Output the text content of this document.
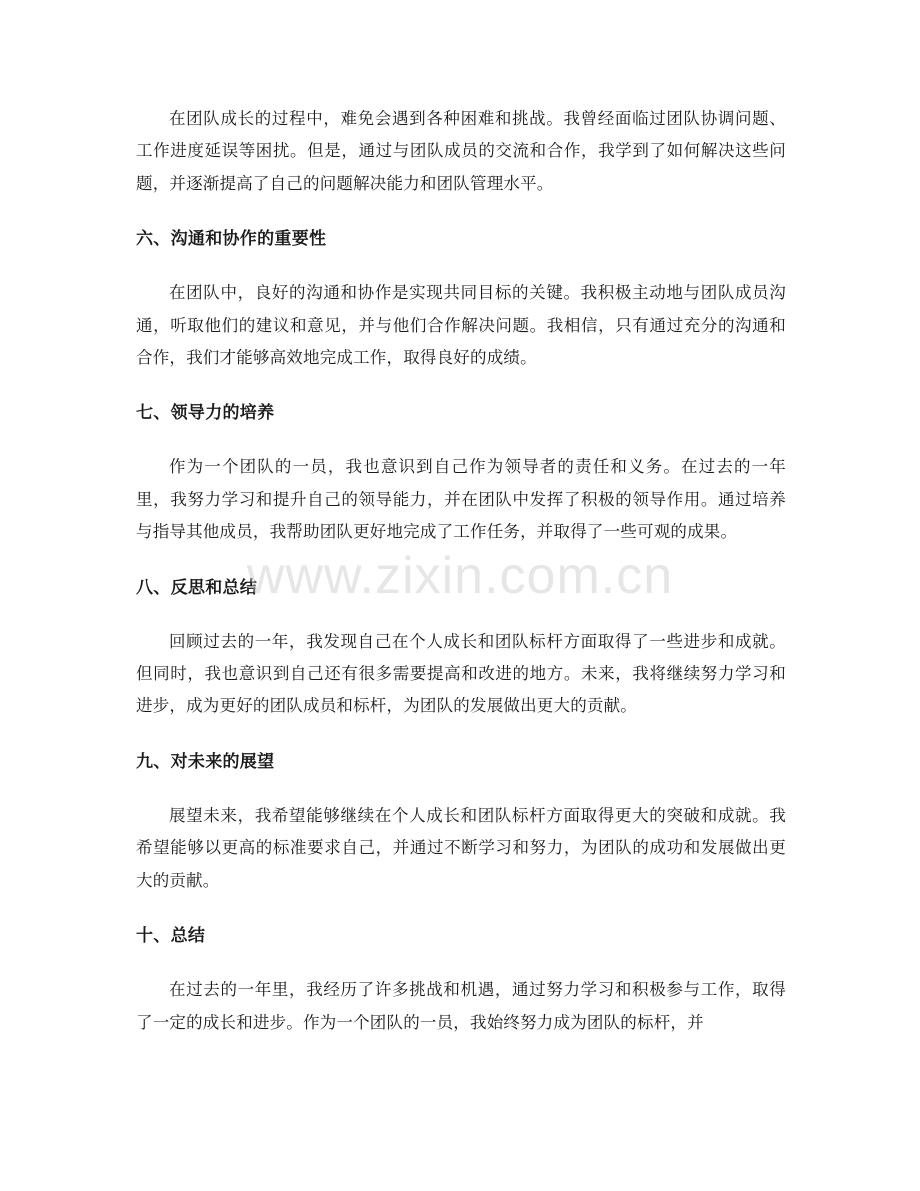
在团队成长的过程中，难免会遇到各种困难和挑战。我曾经面临过团队协调问题、工作进度延误等困扰。但是，通过与团队成员的交流和合作，我学到了如何解决这些问题，并逐渐提高了自己的问题解决能力和团队管理水平。

六、沟通和协作的重要性

在团队中，良好的沟通和协作是实现共同目标的关键。我积极主动地与团队成员沟通，听取他们的建议和意见，并与他们合作解决问题。我相信，只有通过充分的沟通和合作，我们才能够高效地完成工作，取得良好的成绩。

七、领导力的培养

作为一个团队的一员，我也意识到自己作为领导者的责任和义务。在过去的一年里，我努力学习和提升自己的领导能力，并在团队中发挥了积极的领导作用。通过培养与指导其他成员，我帮助团队更好地完成了工作任务，并取得了一些可观的成果。

八、反思和总结

回顾过去的一年，我发现自己在个人成长和团队标杆方面取得了一些进步和成就。但同时，我也意识到自己还有很多需要提高和改进的地方。未来，我将继续努力学习和进步，成为更好的团队成员和标杆，为团队的发展做出更大的贡献。

九、对未来的展望

展望未来，我希望能够继续在个人成长和团队标杆方面取得更大的突破和成就。我希望能够以更高的标准要求自己，并通过不断学习和努力，为团队的成功和发展做出更大的贡献。

十、总结

在过去的一年里，我经历了许多挑战和机遇，通过努力学习和积极参与工作，取得了一定的成长和进步。作为一个团队的一员，我始终努力成为团队的标杆，并

www.zixin.com.cn
